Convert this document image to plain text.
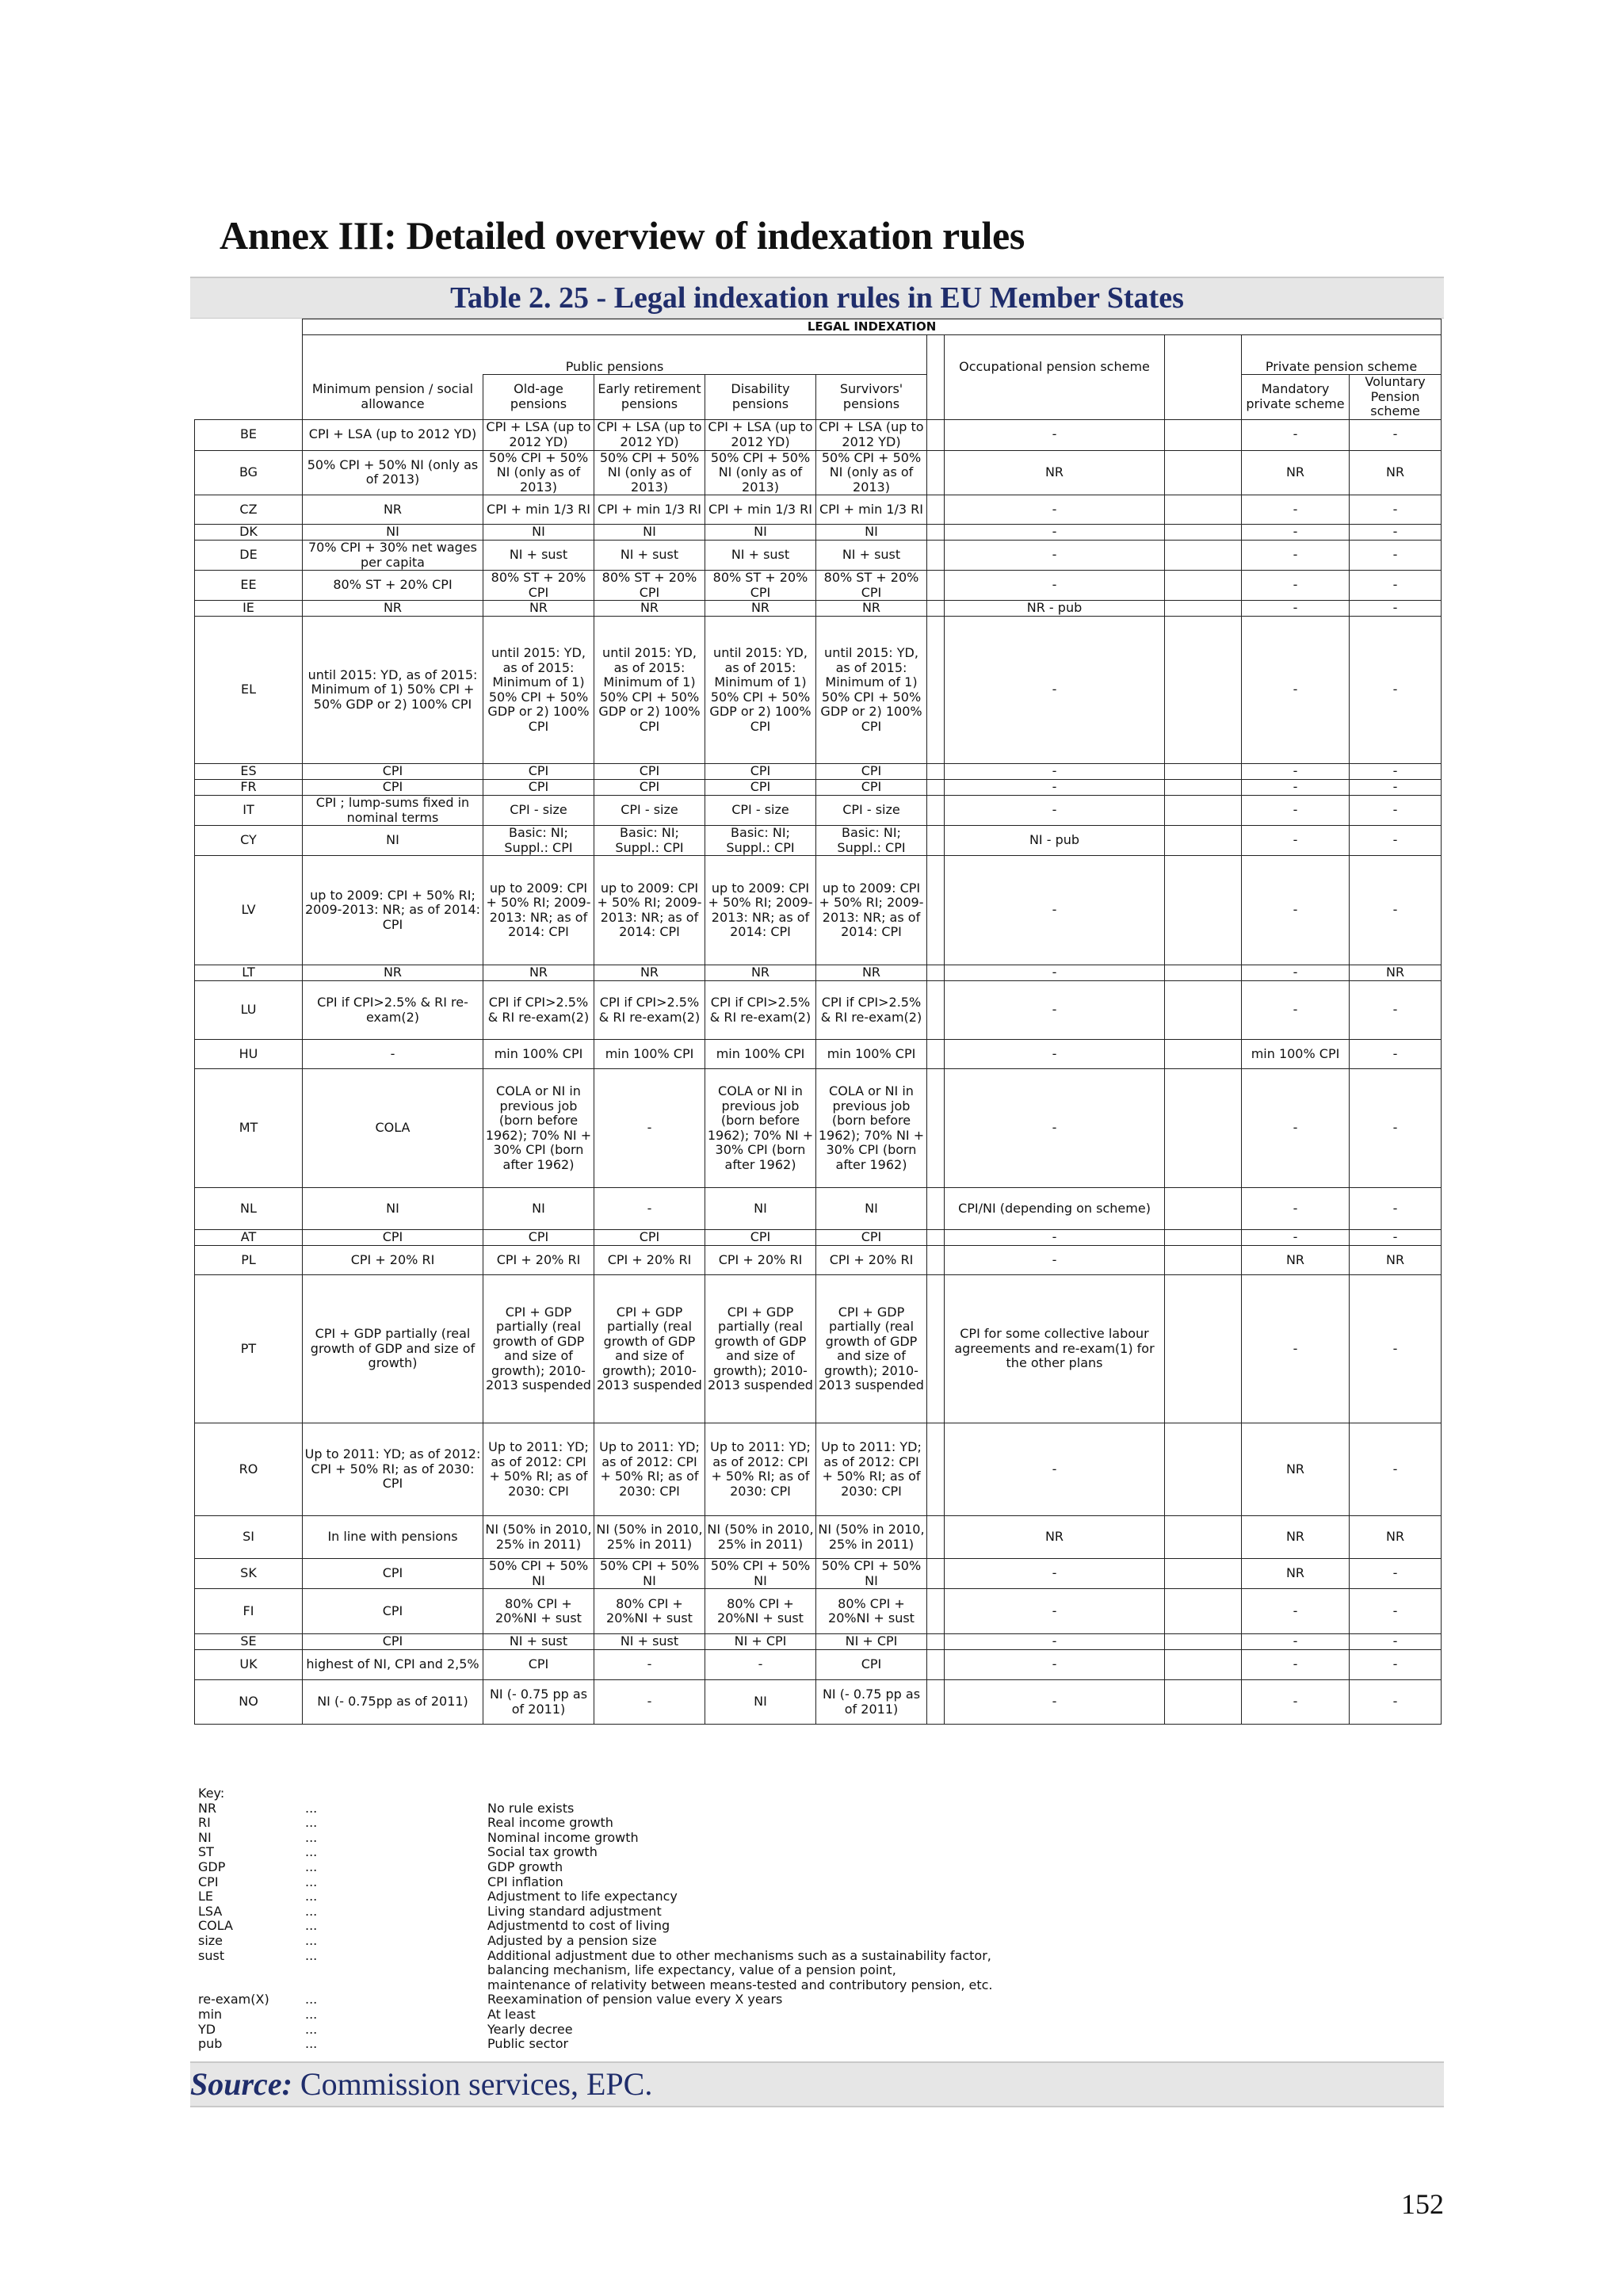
Annex III: Detailed overview of indexation rules
Table 2. 25 - Legal indexation rules in EU Member States
	LEGAL INDEXATION									
	Public pensions						Occupational pension scheme		Private pension scheme	
	Minimum pension / social allowance	Old-age pensions	Early retirement pensions	Disability pensions	Survivors' pensions				Mandatory private scheme	Voluntary Pension scheme
BE	CPI + LSA (up to 2012 YD)	CPI + LSA (up to 2012 YD)	CPI + LSA (up to 2012 YD)	CPI + LSA (up to 2012 YD)	CPI + LSA (up to 2012 YD)		-		-	-
BG	50% CPI + 50% NI (only as of 2013)	50% CPI + 50% NI (only as of 2013)	50% CPI + 50% NI (only as of 2013)	50% CPI + 50% NI (only as of 2013)	50% CPI + 50% NI (only as of 2013)		NR		NR	NR
CZ	NR	CPI + min 1/3 RI	CPI + min 1/3 RI	CPI + min 1/3 RI	CPI + min 1/3 RI		-		-	-
DK	NI	NI	NI	NI	NI		-		-	-
DE	70% CPI + 30% net wages per capita	NI + sust	NI + sust	NI + sust	NI + sust		-		-	-
EE	80% ST + 20% CPI	80% ST + 20% CPI	80% ST + 20% CPI	80% ST + 20% CPI	80% ST + 20% CPI		-		-	-
IE	NR	NR	NR	NR	NR		NR - pub		-	-
EL	until 2015: YD, as of 2015: Minimum of 1) 50% CPI + 50% GDP or 2) 100% CPI	until 2015: YD, as of 2015: Minimum of 1) 50% CPI + 50% GDP or 2) 100% CPI	until 2015: YD, as of 2015: Minimum of 1) 50% CPI + 50% GDP or 2) 100% CPI	until 2015: YD, as of 2015: Minimum of 1) 50% CPI + 50% GDP or 2) 100% CPI	until 2015: YD, as of 2015: Minimum of 1) 50% CPI + 50% GDP or 2) 100% CPI		-		-	-
ES	CPI	CPI	CPI	CPI	CPI		-		-	-
FR	CPI	CPI	CPI	CPI	CPI		-		-	-
IT	CPI ; lump-sums fixed in nominal terms	CPI - size	CPI - size	CPI - size	CPI - size		-		-	-
CY	NI	Basic: NI; Suppl.: CPI	Basic: NI; Suppl.: CPI	Basic: NI; Suppl.: CPI	Basic: NI; Suppl.: CPI		NI - pub		-	-
LV	up to 2009: CPI + 50% RI; 2009-2013: NR; as of 2014: CPI	up to 2009: CPI + 50% RI; 2009-2013: NR; as of 2014: CPI	up to 2009: CPI + 50% RI; 2009-2013: NR; as of 2014: CPI	up to 2009: CPI + 50% RI; 2009-2013: NR; as of 2014: CPI	up to 2009: CPI + 50% RI; 2009-2013: NR; as of 2014: CPI		-		-	-
LT	NR	NR	NR	NR	NR		-		-	NR
LU	CPI if CPI>2.5% & RI re-exam(2)	CPI if CPI>2.5% & RI re-exam(2)	CPI if CPI>2.5% & RI re-exam(2)	CPI if CPI>2.5% & RI re-exam(2)	CPI if CPI>2.5% & RI re-exam(2)		-		-	-
HU	-	min 100% CPI	min 100% CPI	min 100% CPI	min 100% CPI		-		min 100% CPI	-
MT	COLA	COLA or NI in previous job (born before 1962); 70% NI + 30% CPI (born after 1962)	-	COLA or NI in previous job (born before 1962); 70% NI + 30% CPI (born after 1962)	COLA or NI in previous job (born before 1962); 70% NI + 30% CPI (born after 1962)		-		-	-
NL	NI	NI	-	NI	NI		CPI/NI (depending on scheme)		-	-
AT	CPI	CPI	CPI	CPI	CPI		-		-	-
PL	CPI + 20% RI	CPI + 20% RI	CPI + 20% RI	CPI + 20% RI	CPI + 20% RI		-		NR	NR
PT	CPI + GDP partially (real growth of GDP and size of growth)	CPI + GDP partially (real growth of GDP and size of growth); 2010-2013 suspended	CPI + GDP partially (real growth of GDP and size of growth); 2010-2013 suspended	CPI + GDP partially (real growth of GDP and size of growth); 2010-2013 suspended	CPI + GDP partially (real growth of GDP and size of growth); 2010-2013 suspended		CPI for some collective labour agreements and re-exam(1) for the other plans		-	-
RO	Up to 2011: YD; as of 2012: CPI + 50% RI; as of 2030: CPI	Up to 2011: YD; as of 2012: CPI + 50% RI; as of 2030: CPI	Up to 2011: YD; as of 2012: CPI + 50% RI; as of 2030: CPI	Up to 2011: YD; as of 2012: CPI + 50% RI; as of 2030: CPI	Up to 2011: YD; as of 2012: CPI + 50% RI; as of 2030: CPI		-		NR	-
SI	In line with pensions	NI (50% in 2010, 25% in 2011)	NI (50% in 2010, 25% in 2011)	NI (50% in 2010, 25% in 2011)	NI (50% in 2010, 25% in 2011)		NR		NR	NR
SK	CPI	50% CPI + 50% NI	50% CPI + 50% NI	50% CPI + 50% NI	50% CPI + 50% NI		-		NR	-
FI	CPI	80% CPI + 20%NI + sust	80% CPI + 20%NI + sust	80% CPI + 20%NI + sust	80% CPI + 20%NI + sust		-		-	-
SE	CPI	NI + sust	NI + sust	NI + CPI	NI + CPI		-		-	-
UK	highest of NI, CPI and 2,5%	CPI	-	-	CPI		-		-	-
NO	NI (- 0.75pp as of 2011)	NI (- 0.75 pp as of 2011)	-	NI	NI (- 0.75 pp as of 2011)		-		-	-
Key:
NR	...	No rule exists
RI	...	Real income growth
NI	...	Nominal income growth
ST	...	Social tax growth
GDP	...	GDP growth
CPI	...	CPI inflation
LE	...	Adjustment to life expectancy
LSA	...	Living standard adjustment
COLA	...	Adjustmentd to cost of living
size	...	Adjusted by a pension size
sust	...	Additional adjustment due to other mechanisms such as a sustainability factor,
balancing mechanism, life expectancy, value of a pension point,
maintenance of relativity between means-tested and contributory pension, etc.
re-exam(X)	...	Reexamination of pension value every X years
min	...	At least
YD	...	Yearly decree
pub	...	Public sector
Source: Commission services, EPC.
152
